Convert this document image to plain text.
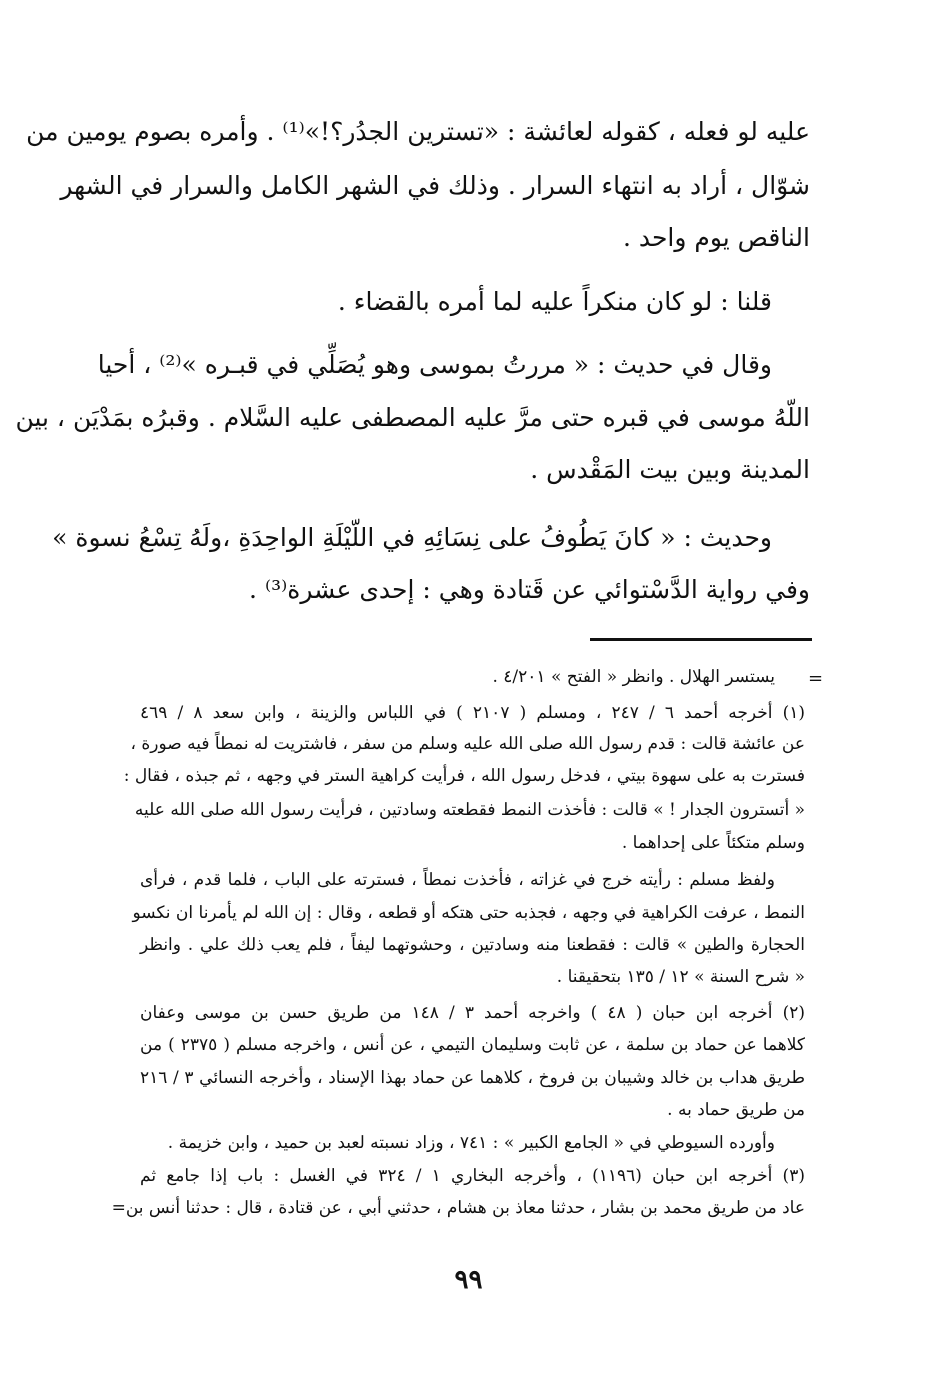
عليه لو فعله ، كقوله لعائشة : «تسترين الجدُر؟!»⁽¹⁾ . وأمره بصوم يومين من
شوّال ، أراد به انتهاء السرار . وذلك في الشهر الكامل والسرار في الشهر
الناقص يوم واحد .
قلنا : لو كان منكراً عليه لما أمره بالقضاء .
وقال في حديث : « مررتُ بموسى وهو يُصَلِّي في قبـره »⁽²⁾ ، أحيا
اللّهُ موسى في قبره حتى مرَّ عليه المصطفى عليه السَّلام . وقبرُه بمَدْيَن ، بين
المدينة وبين بيت المَقْدس .
وحديث : « كانَ يَطُوفُ على نِسَائِهِ في اللّيْلَةِ الواحِدَةِ ،ولَهُ تِسْعُ نسوة »
وفي رواية الدَّسْتوائي عن قَتادة وهي : إحدى عشرة⁽³⁾ .
=
يستسر الهلال . وانظر « الفتح » ٤/٢٠١ .
(١) أخرجه أحمد ٦ / ٢٤٧ ، ومسلم ( ٢١٠٧ ) في اللباس والزينة ، وابن سعد ٨ / ٤٦٩
عن عائشة قالت : قدم رسول الله صلى الله عليه وسلم من سفر ، فاشتريت له نمطاً فيه صورة ،
فسترت به على سهوة بيتي ، فدخل رسول الله ، فرأيت كراهية الستر في وجهه ، ثم جبذه ، فقال :
« أتسترون الجدار ! » قالت : فأخذت النمط فقطعته وسادتين ، فرأيت رسول الله صلى الله عليه
وسلم متكئاً على إحداهما .
ولفظ مسلم : رأيته خرج في غزاته ، فأخذت نمطاً ، فسترته على الباب ، فلما قدم ، فرأى
النمط ، عرفت الكراهية في وجهه ، فجذبه حتى هتكه أو قطعه ، وقال : إن الله لم يأمرنا ان نكسو
الحجارة والطين » قالت : فقطعنا منه وسادتين ، وحشوتهما ليفاً ، فلم يعب ذلك علي . وانظر
« شرح السنة » ١٢ / ١٣٥ بتحقيقنا .
(٢) أخرجه ابن حبان ( ٤٨ ) واخرجه أحمد ٣ / ١٤٨ من طريق حسن بن موسى وعفان
كلاهما عن حماد بن سلمة ، عن ثابت وسليمان التيمي ، عن أنس ، واخرجه مسلم ( ٢٣٧٥ ) من
طريق هداب بن خالد وشيبان بن فروخ ، كلاهما عن حماد بهذا الإسناد ، وأخرجه النسائي ٣ / ٢١٦
من طريق حماد به .
وأورده السيوطي في « الجامع الكبير » : ٧٤١ ، وزاد نسبته لعبد بن حميد ، وابن خزيمة .
(٣) أخرجه ابن حبان (١١٩٦) ، وأخرجه البخاري ١ / ٣٢٤ في الغسل : باب إذا جامع ثم
عاد من طريق محمد بن بشار ، حدثنا معاذ بن هشام ، حدثني أبي ، عن قتادة ، قال : حدثنا أنس بن=
٩٩
